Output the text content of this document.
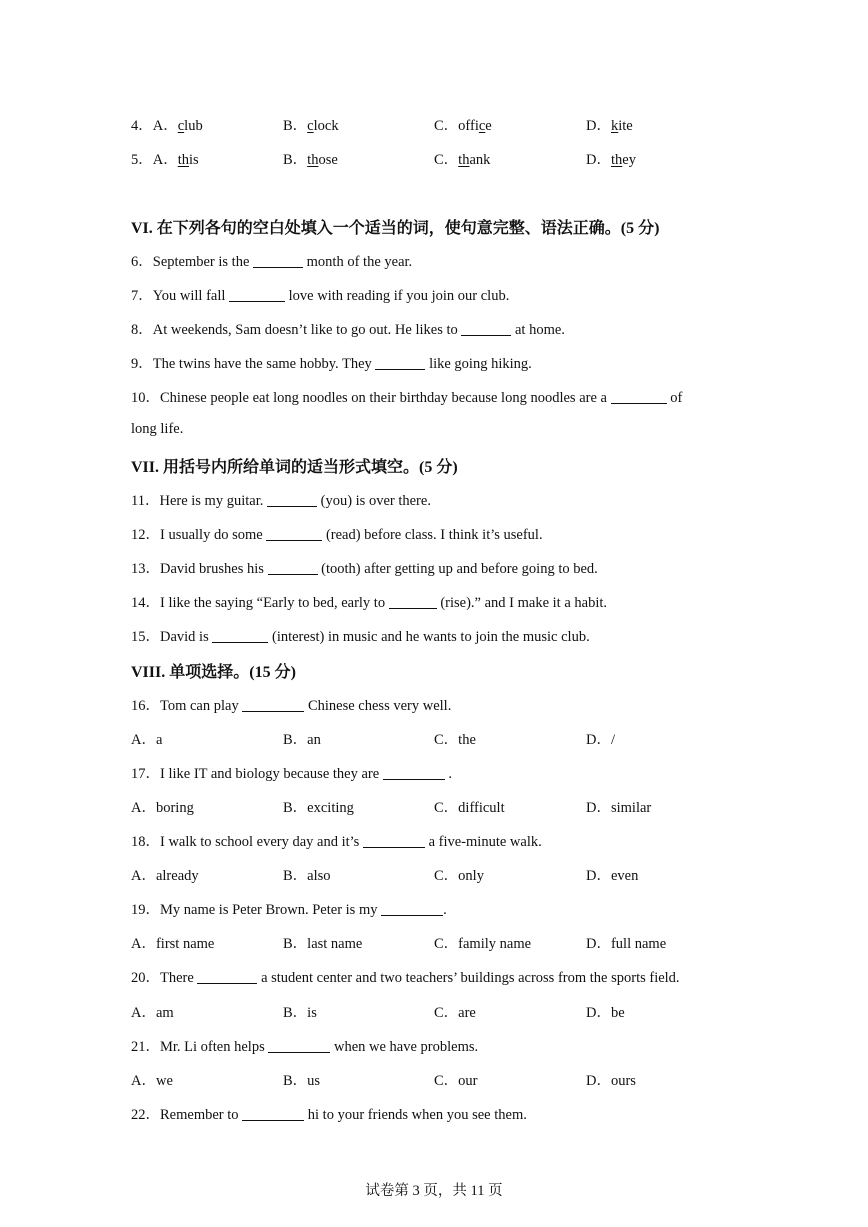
4．A．club	B．clock	C．office	D．kite
5．A．this	B．those	C．thank	D．they
VI. 在下列各句的空白处填入一个适当的词，使句意完整、语法正确。(5 分)
6．September is the	month of the year.
7．You will fall	love with reading if you join our club.
8．At weekends, Sam doesn’t like to go out. He likes to	at home.
9．The twins have the same hobby. They	like going hiking.
10．Chinese people eat long noodles on their birthday because long noodles are a	of
long life.
VII. 用括号内所给单词的适当形式填空。(5 分)
11．Here is my guitar.	(you) is over there.
12．I usually do some	(read) before class. I think it’s useful.
13．David brushes his	(tooth) after getting up and before going to bed.
14．I like the saying “Early to bed, early to	(rise).” and I make it a habit.
15．David is	(interest) in music and he wants to join the music club.
VIII. 单项选择。(15 分)
16．Tom can play	Chinese chess very well.
A．a	B．an	C．the	D．/
17．I like IT and biology because they are	.
A．boring	B．exciting	C．difficult	D．similar
18．I walk to school every day and it’s	a five-minute walk.
A．already	B．also	C．only	D．even
19．My name is Peter Brown. Peter is my	.
A．first name	B．last name	C．family name	D．full name
20．There	a student center and two teachers’ buildings across from the sports field.
A．am	B．is	C．are	D．be
21．Mr. Li often helps	when we have problems.
A．we	B．us	C．our	D．ours
22．Remember to	hi to your friends when you see them.
试卷第 3 页，共 11 页
